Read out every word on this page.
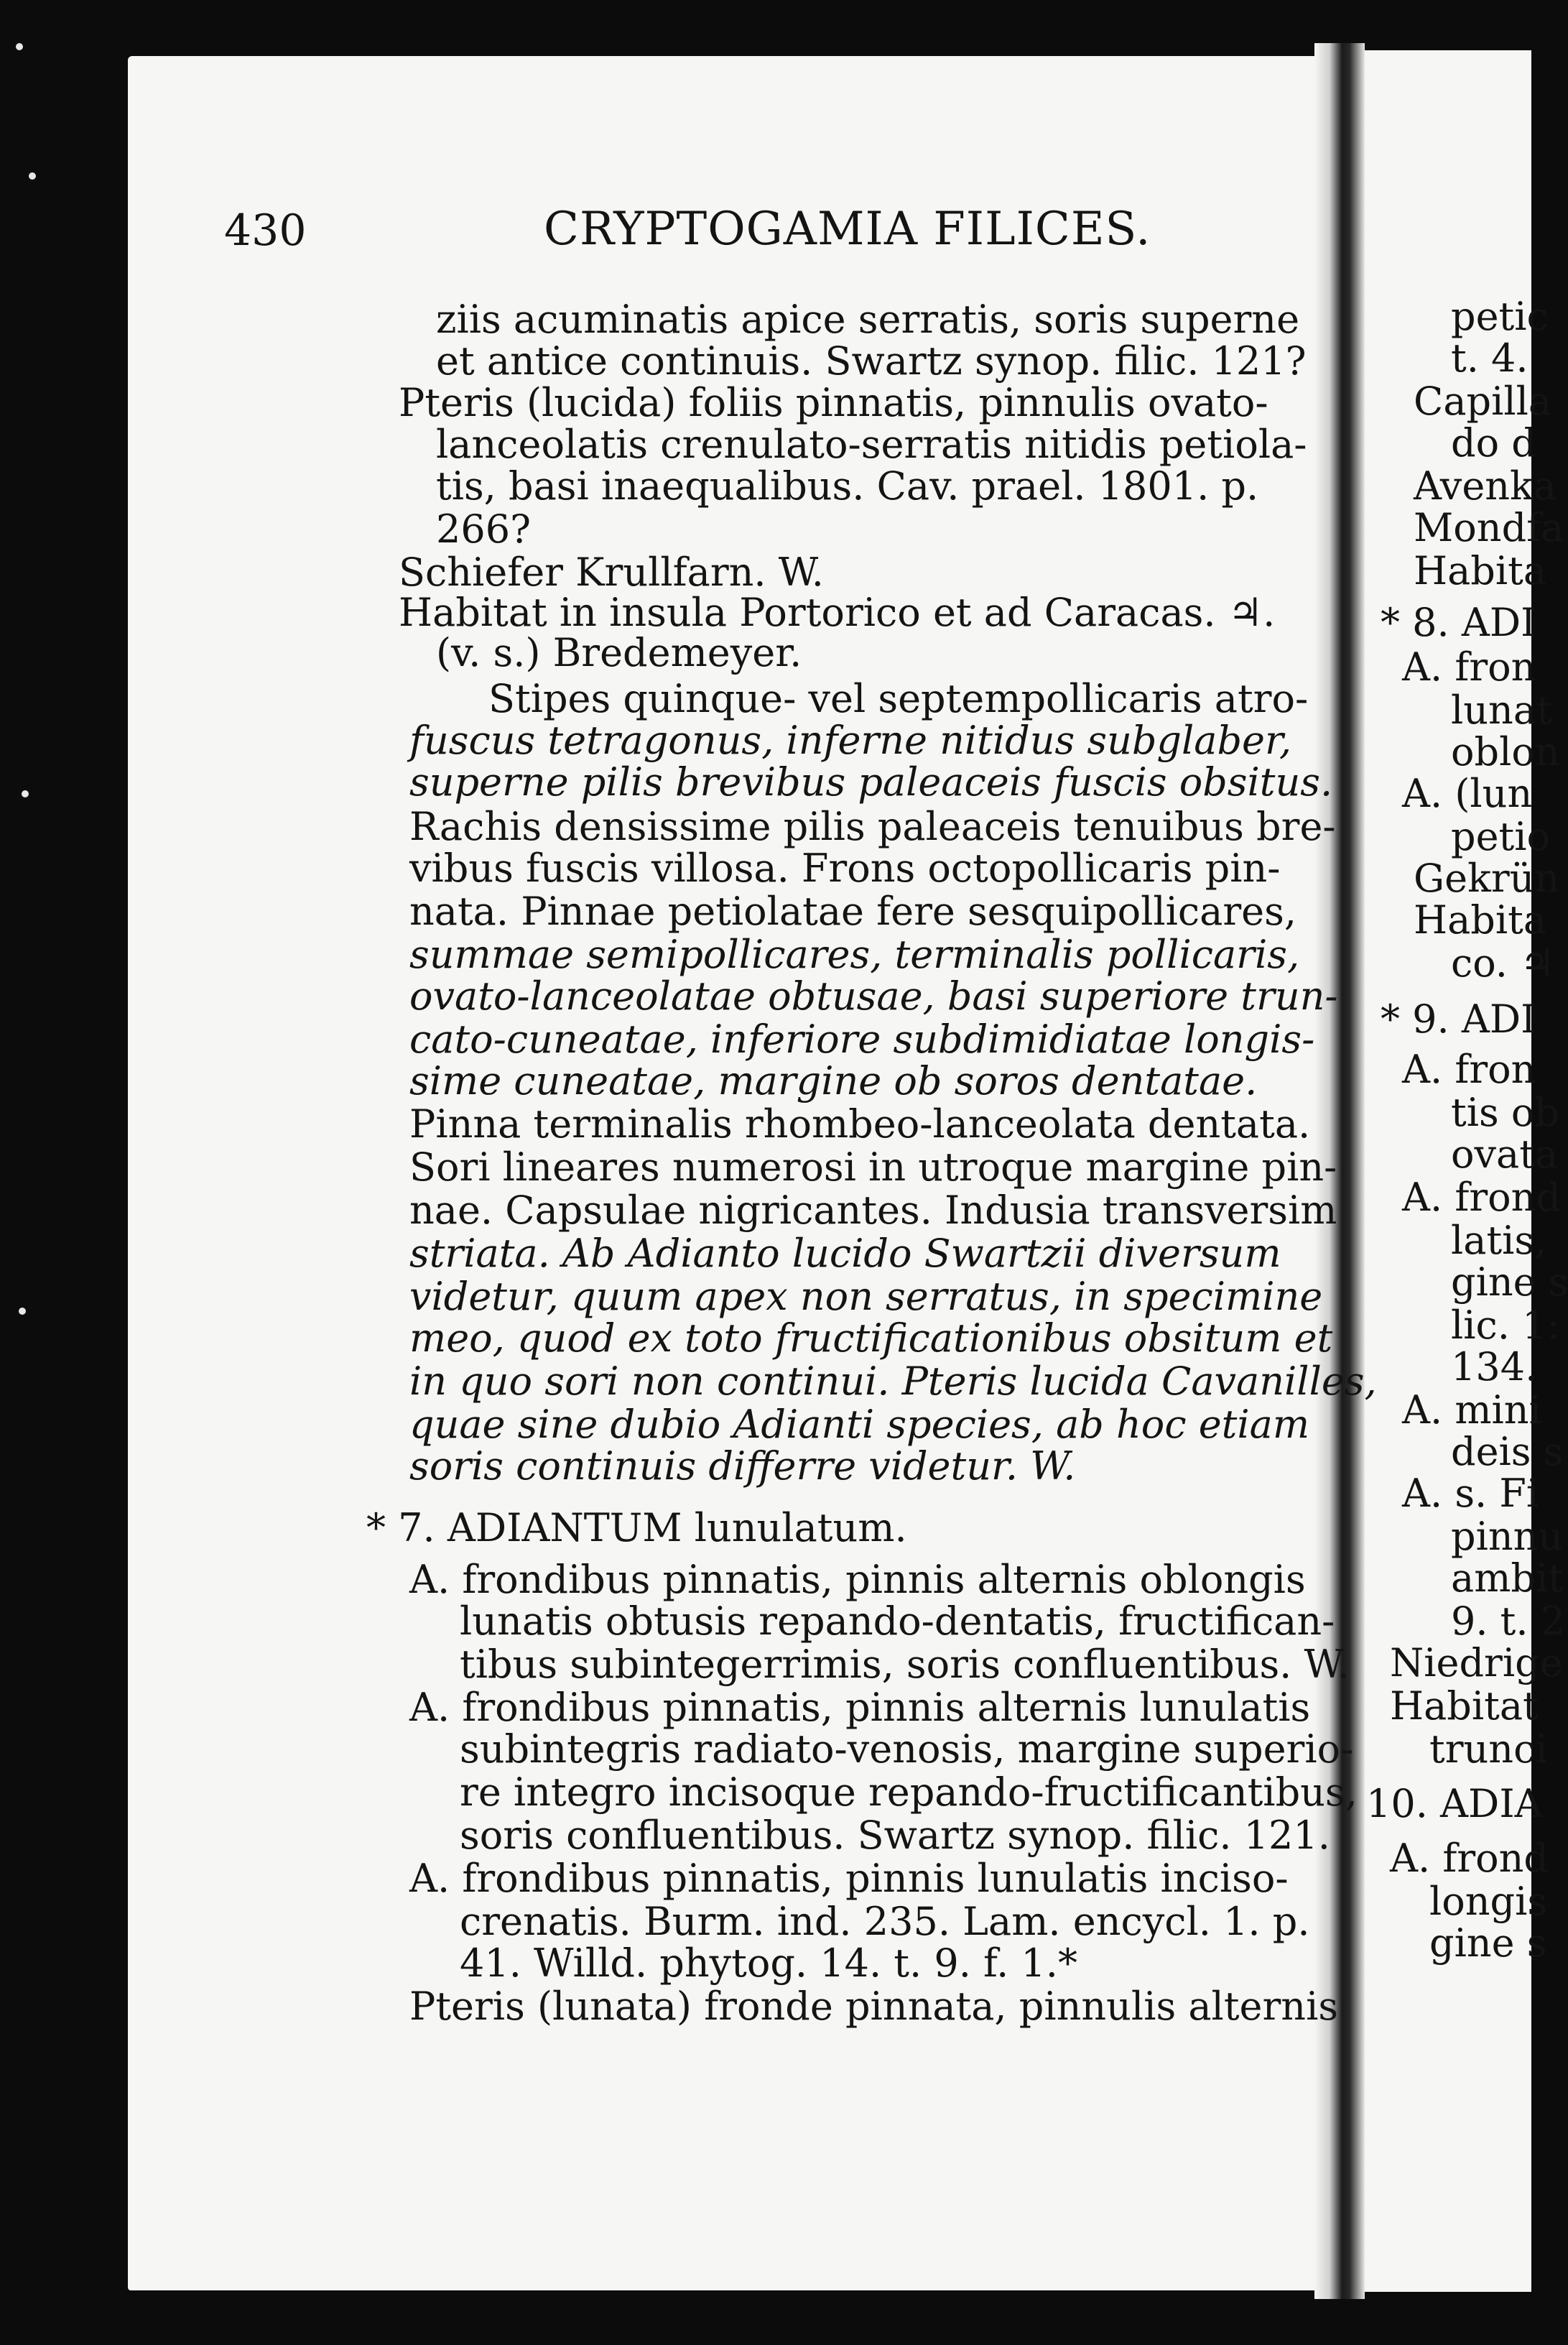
430	CRYPTOGAMIA FILICES.
ziis acuminatis apice serratis, soris superne
et antice continuis. Swartz synop. filic. 121?
Pteris (lucida) foliis pinnatis, pinnulis ovato-
lanceolatis crenulato-serratis nitidis petiola-
tis, basi inaequalibus. Cav. prael. 1801. p.
266?
Schiefer Krullfarn. W.
Habitat in insula Portorico et ad Caracas. ♃.
(v. s.) Bredemeyer.
Stipes quinque- vel septempollicaris atro-
fuscus tetragonus, inferne nitidus subglaber,
superne pilis brevibus paleaceis fuscis obsitus.
Rachis densissime pilis paleaceis tenuibus bre-
vibus fuscis villosa. Frons octopollicaris pin-
nata. Pinnae petiolatae fere sesquipollicares,
summae semipollicares, terminalis pollicaris,
ovato-lanceolatae obtusae, basi superiore trun-
cato-cuneatae, inferiore subdimidiatae longis-
sime cuneatae, margine ob soros dentatae.
Pinna terminalis rhombeo-lanceolata dentata.
Sori lineares numerosi in utroque margine pin-
nae. Capsulae nigricantes. Indusia transversim
striata. Ab Adianto lucido Swartzii diversum
videtur, quum apex non serratus, in specimine
meo, quod ex toto fructificationibus obsitum et
in quo sori non continui. Pteris lucida Cavanilles,
quae sine dubio Adianti species, ab hoc etiam
soris continuis differre videtur. W.
* 7. ADIANTUM lunulatum.
A. frondibus pinnatis, pinnis alternis oblongis
lunatis obtusis repando-dentatis, fructifican-
tibus subintegerrimis, soris confluentibus. W.
A. frondibus pinnatis, pinnis alternis lunulatis
subintegris radiato-venosis, margine superio-
re integro incisoque repando-fructificantibus,
soris confluentibus. Swartz synop. filic. 121.
A. frondibus pinnatis, pinnis lunulatis inciso-
crenatis. Burm. ind. 235. Lam. encycl. 1. p.
41. Willd. phytog. 14. t. 9. f. 1.*
Pteris (lunata) fronde pinnata, pinnulis alternis
petic
t. 4.
Capilla
do d
Avenka
Mondfa
Habita
* 8. ADI
A. fron
lunat
oblon
A. (lun
petio
Gekrün
Habita
co. ♃
* 9. ADI
A. fron
tis ob
ovata
A. frond
latis,
gine s
lic. 1:
134.
A. mini
deis s
A. s. Fi
pinnu
ambit
9. t. 2
Niedrige
Habitat
trunci
10. ADIA
A. frond
longis
gine s
